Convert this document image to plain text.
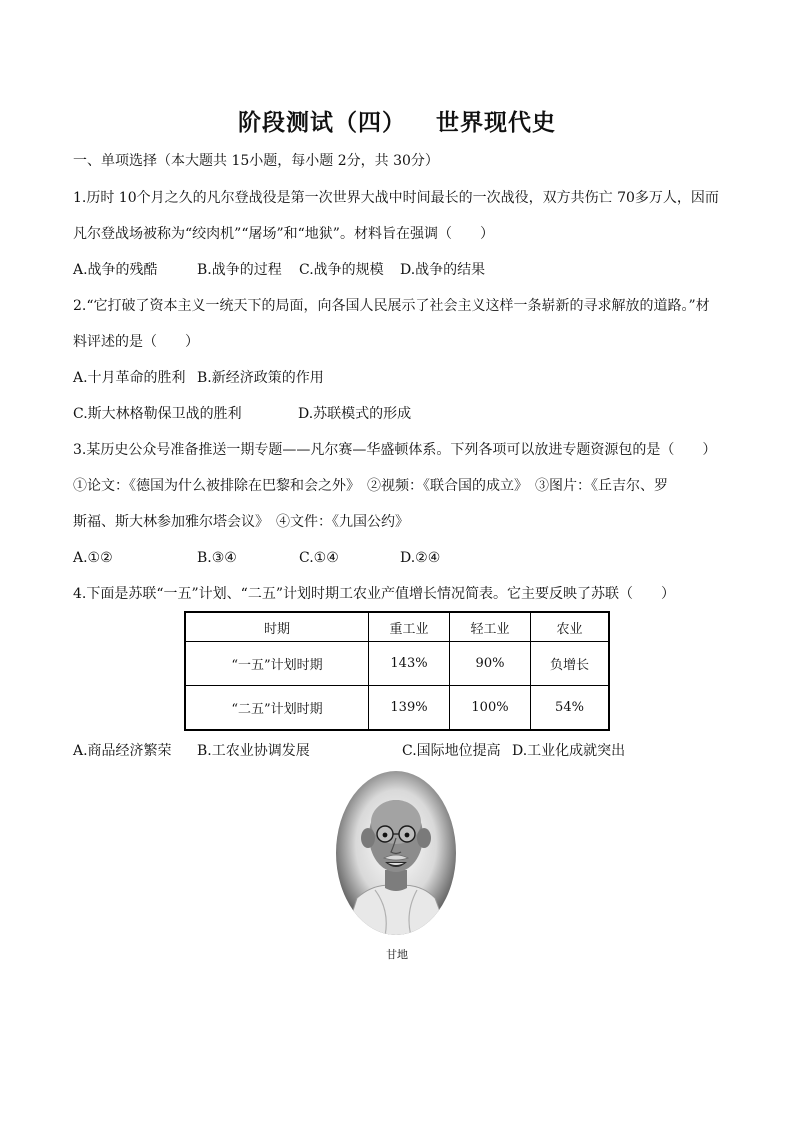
阶段测试（四） 世界现代史
一、单项选择（本大题共 15小题，每小题 2分，共 30分）
1.历时 10个月之久的凡尔登战役是第一次世界大战中时间最长的一次战役，双方共伤亡 70多万人，因而
凡尔登战场被称为“绞肉机”“屠场”和“地狱”。材料旨在强调（　　）
A.战争的残酷	B.战争的过程 C.战争的规模 D.战争的结果
2.“它打破了资本主义一统天下的局面，向各国人民展示了社会主义这样一条崭新的寻求解放的道路。”材
料评述的是（　　）
A.十月革命的胜利 B.新经济政策的作用
C.斯大林格勒保卫战的胜利	D.苏联模式的形成
3.某历史公众号准备推送一期专题——凡尔赛—华盛顿体系。下列各项可以放进专题资源包的是（　　）
①论文：《德国为什么被排除在巴黎和会之外》　②视频：《联合国的成立》　③图片：《丘吉尔、罗
斯福、斯大林参加雅尔塔会议》　④文件：《九国公约》
A.①②	B.③④	C.①④	D.②④
4.下面是苏联“一五”计划、“二五”计划时期工农业产值增长情况简表。它主要反映了苏联（　　）
时期	重工业	轻工业	农业
“一五”计划时期	143%	90%	负增长
“二五”计划时期	139%	100%	54%
A.商品经济繁荣 B.工农业协调发展	C.国际地位提高 D.工业化成就突出
甘地
